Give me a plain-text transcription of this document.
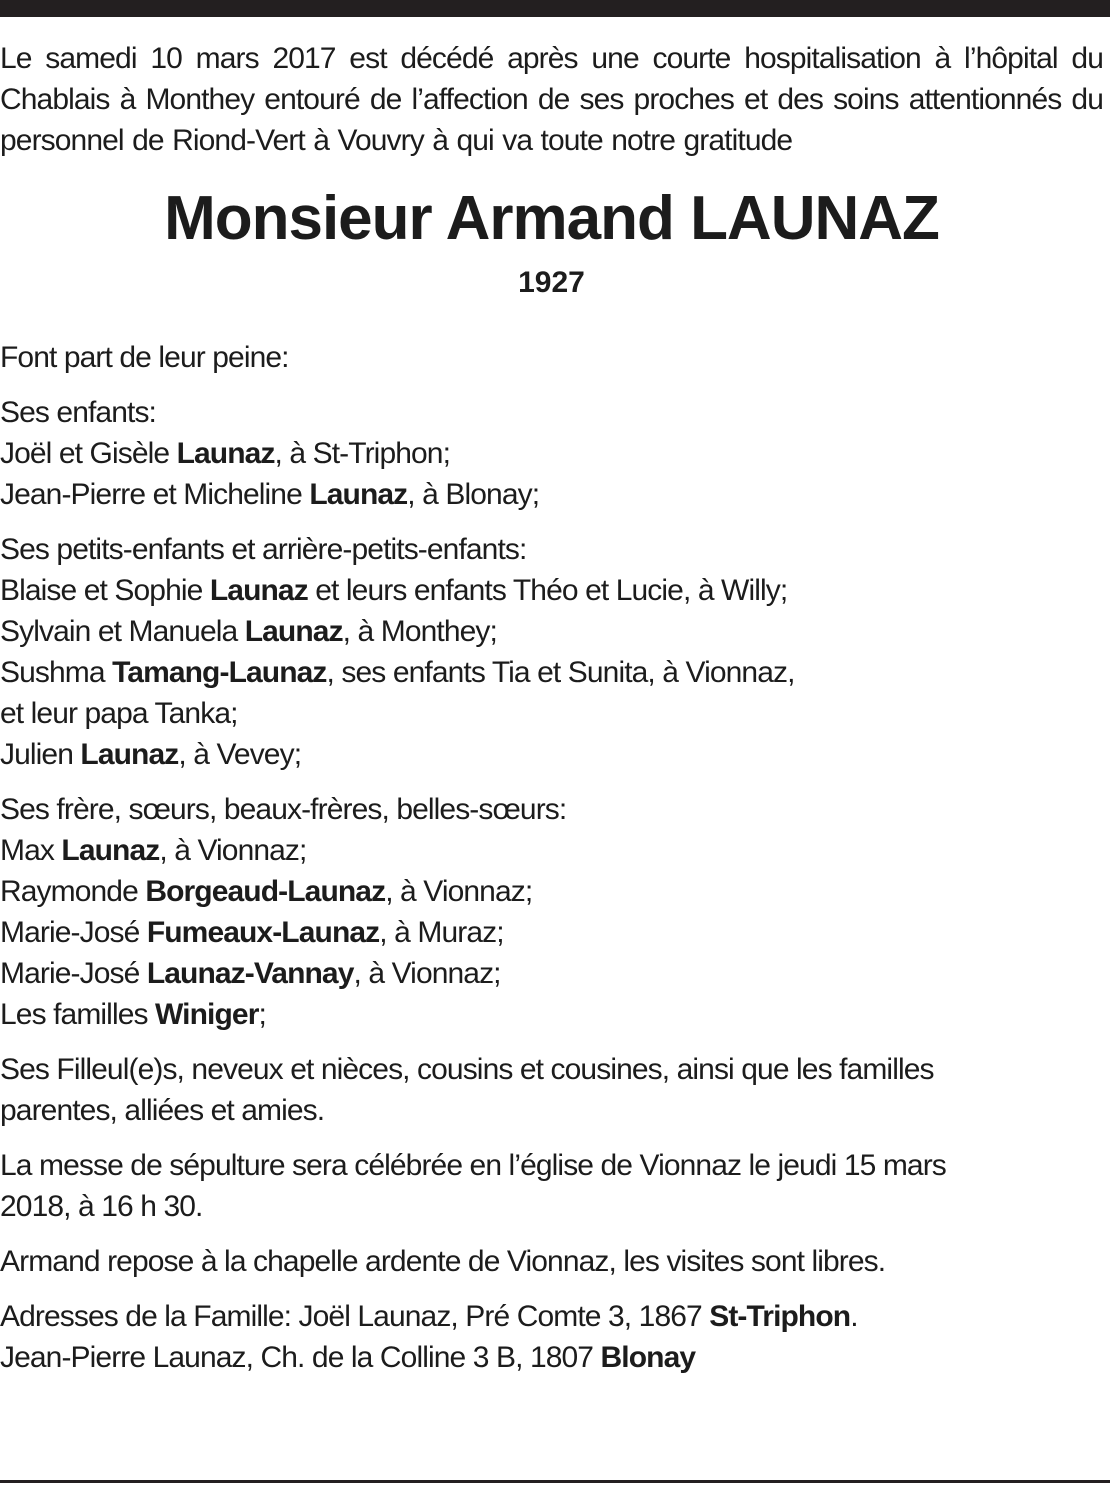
Le samedi 10 mars 2017 est décédé après une courte hospitalisation à l’hôpital du Chablais à Monthey entouré de l’affection de ses proches et des soins attentionnés du personnel de Riond-Vert à Vouvry à qui va toute notre gratitude

Monsieur Armand LAUNAZ
1927

Font part de leur peine:

Ses enfants:
Joël et Gisèle Launaz, à St-Triphon;
Jean-Pierre et Micheline Launaz, à Blonay;

Ses petits-enfants et arrière-petits-enfants:
Blaise et Sophie Launaz et leurs enfants Théo et Lucie, à Willy;
Sylvain et Manuela Launaz, à Monthey;
Sushma Tamang-Launaz, ses enfants Tia et Sunita, à Vionnaz,
et leur papa Tanka;
Julien Launaz, à Vevey;

Ses frère, sœurs, beaux-frères, belles-sœurs:
Max Launaz, à Vionnaz;
Raymonde Borgeaud-Launaz, à Vionnaz;
Marie-José Fumeaux-Launaz, à Muraz;
Marie-José Launaz-Vannay, à Vionnaz;
Les familles Winiger;

Ses Filleul(e)s, neveux et nièces, cousins et cousines, ainsi que les familles
parentes, alliées et amies.

La messe de sépulture sera célébrée en l’église de Vionnaz le jeudi 15 mars
2018, à 16 h 30.

Armand repose à la chapelle ardente de Vionnaz, les visites sont libres.

Adresses de la Famille: Joël Launaz, Pré Comte 3, 1867 St-Triphon.
Jean-Pierre Launaz, Ch. de la Colline 3 B, 1807 Blonay
